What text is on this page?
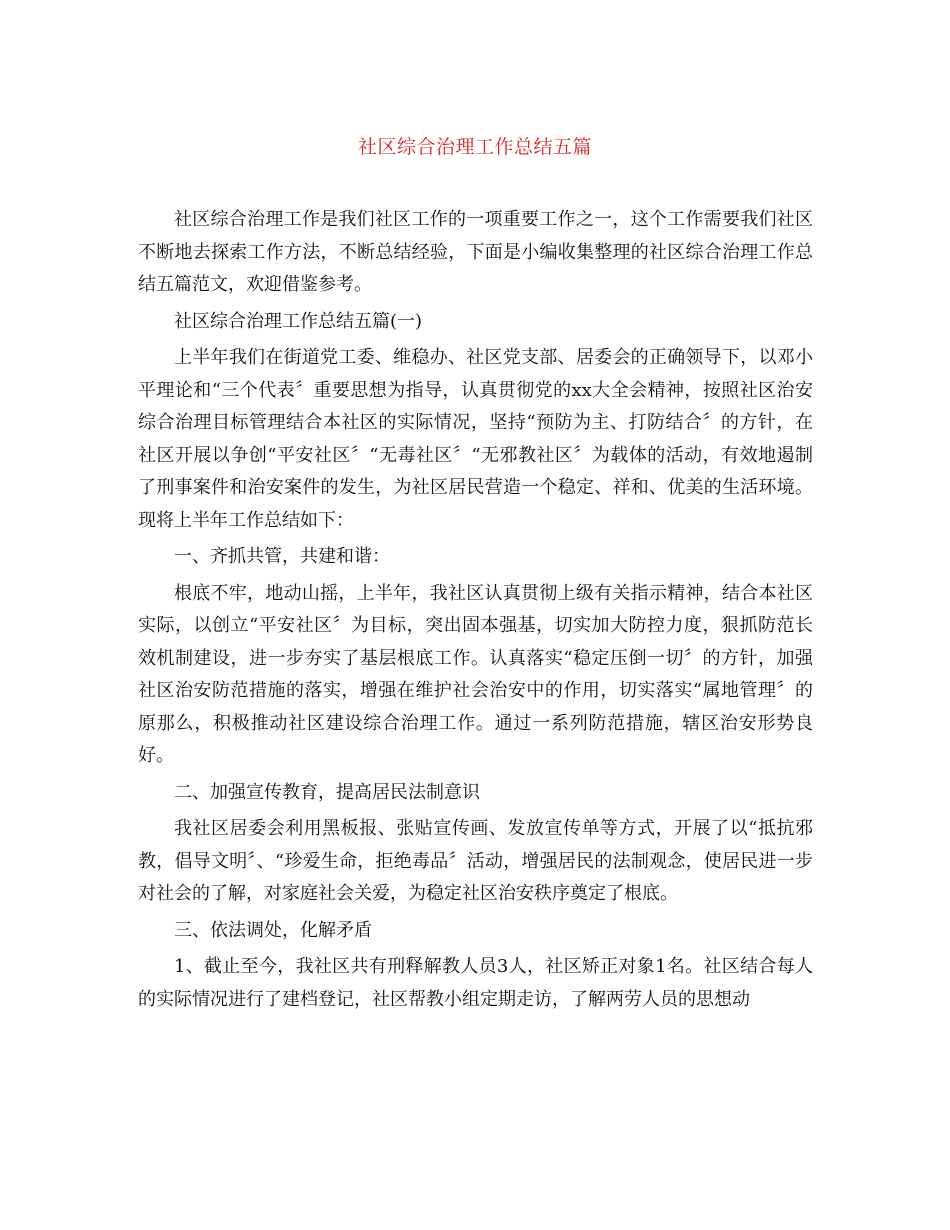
社区综合治理工作总结五篇

社区综合治理工作是我们社区工作的一项重要工作之一，这个工作需要我们社区不断地去探索工作方法，不断总结经验，下面是小编收集整理的社区综合治理工作总结五篇范文，欢迎借鉴参考。

社区综合治理工作总结五篇(一)

上半年我们在街道党工委、维稳办、社区党支部、居委会的正确领导下，以邓小平理论和“三个代表〞重要思想为指导，认真贯彻党的xx大全会精神，按照社区治安综合治理目标管理结合本社区的实际情况，坚持“预防为主、打防结合〞的方针，在社区开展以争创“平安社区〞“无毒社区〞“无邪教社区〞为载体的活动，有效地遏制了刑事案件和治安案件的发生，为社区居民营造一个稳定、祥和、优美的生活环境。现将上半年工作总结如下：

一、齐抓共管，共建和谐：

根底不牢，地动山摇，上半年，我社区认真贯彻上级有关指示精神，结合本社区实际，以创立“平安社区〞为目标，突出固本强基，切实加大防控力度，狠抓防范长效机制建设，进一步夯实了基层根底工作。认真落实“稳定压倒一切〞的方针，加强社区治安防范措施的落实，增强在维护社会治安中的作用，切实落实“属地管理〞的原那么，积极推动社区建设综合治理工作。通过一系列防范措施，辖区治安形势良好。

二、加强宣传教育，提高居民法制意识

我社区居委会利用黑板报、张贴宣传画、发放宣传单等方式，开展了以“抵抗邪教，倡导文明〞、“珍爱生命，拒绝毒品〞活动，增强居民的法制观念，使居民进一步对社会的了解，对家庭社会关爱，为稳定社区治安秩序奠定了根底。

三、依法调处，化解矛盾

1、截止至今，我社区共有刑释解教人员3人，社区矫正对象1名。社区结合每人的实际情况进行了建档登记，社区帮教小组定期走访，了解两劳人员的思想动
